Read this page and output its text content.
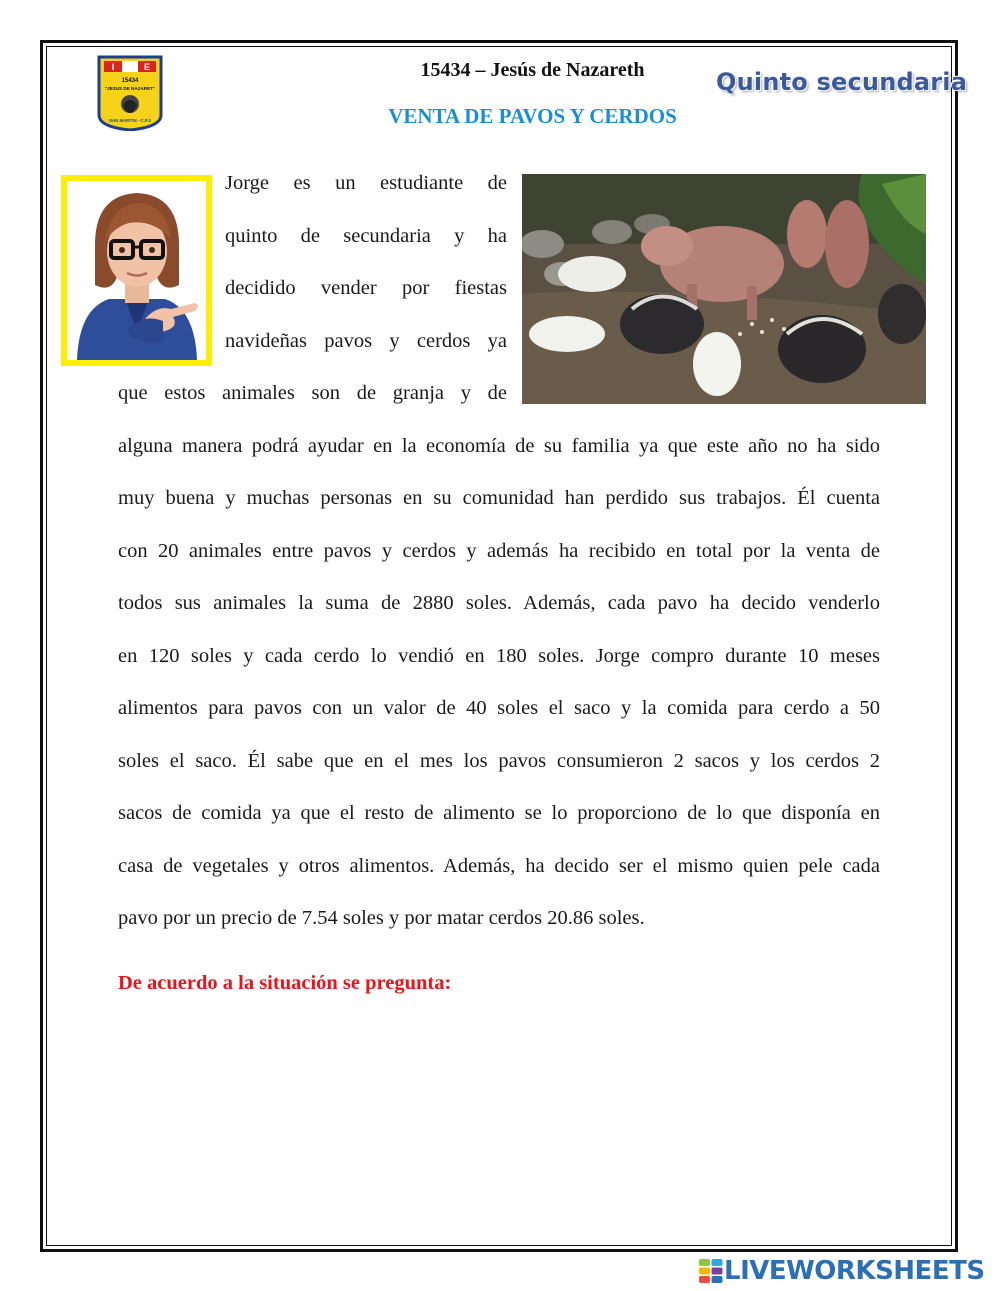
I	E
15434
"JESUS DE NAZARET"
SAN MARTIN - C.P.3
15434 – Jesús de Nazareth
VENTA DE PAVOS Y CERDOS
Quinto secundaria
Jorge es un estudiante de
quinto de secundaria y ha
decidido vender por fiestas
navideñas pavos y cerdos ya
que estos animales son de granja y de
alguna manera podrá ayudar en la economía de su familia ya que este año no ha sido
muy buena y muchas personas en su comunidad han perdido sus trabajos. Él cuenta
con 20 animales entre pavos y cerdos y además ha recibido en total por la venta de
todos sus animales la suma de 2880 soles. Además, cada pavo ha decido venderlo
en 120 soles y cada cerdo lo vendió en 180 soles. Jorge compro durante 10 meses
alimentos para pavos con un valor de 40 soles el saco y la comida para cerdo a 50
soles el saco. Él sabe que en el mes los pavos consumieron 2 sacos y los cerdos 2
sacos de comida ya que el resto de alimento se lo proporciono de lo que disponía en
casa de vegetales y otros alimentos. Además, ha decido ser el mismo quien pele cada
pavo por un precio de 7.54 soles y por matar cerdos 20.86 soles.
De acuerdo a la situación se pregunta:
LIVEWORKSHEETS
